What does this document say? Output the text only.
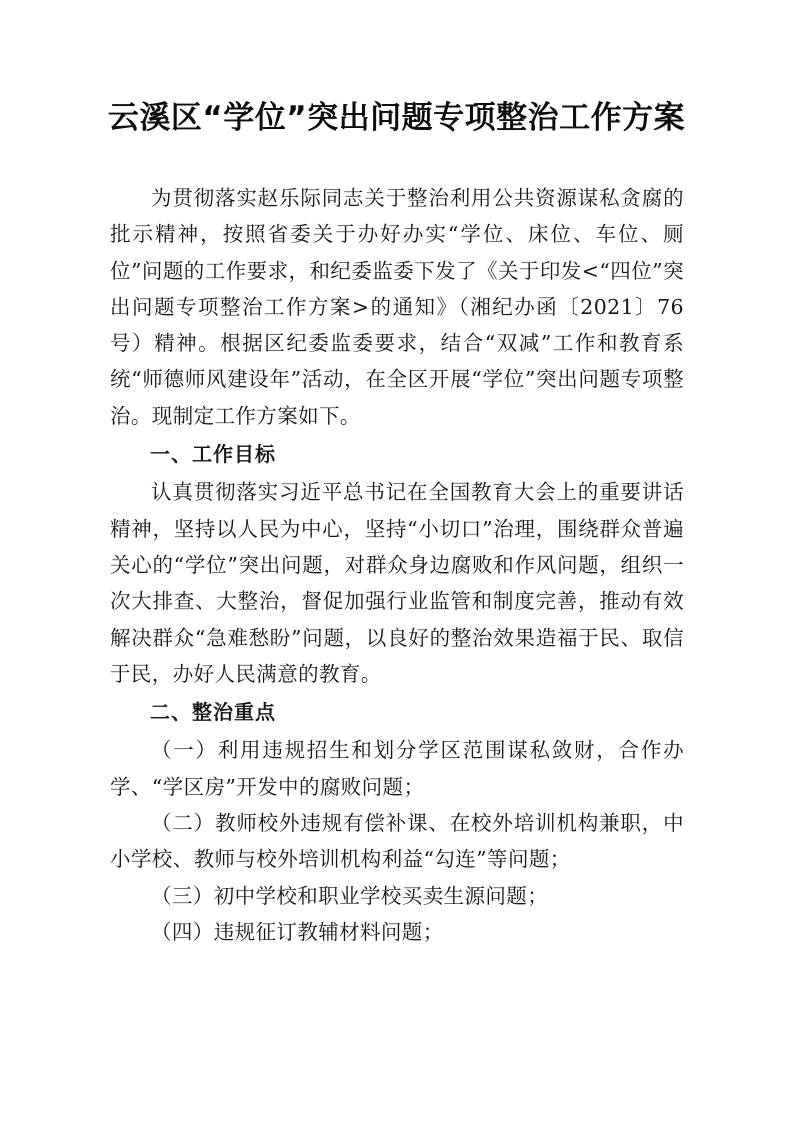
云溪区“学位”突出问题专项整治工作方案

为贯彻落实赵乐际同志关于整治利用公共资源谋私贪腐的批示精神，按照省委关于办好办实“学位、床位、车位、厕位”问题的工作要求，和纪委监委下发了《关于印发<“四位”突出问题专项整治工作方案>的通知》（湘纪办函〔2021〕76号）精神。根据区纪委监委要求，结合“双减”工作和教育系统“师德师风建设年”活动，在全区开展“学位”突出问题专项整治。现制定工作方案如下。

一、工作目标

认真贯彻落实习近平总书记在全国教育大会上的重要讲话精神，坚持以人民为中心，坚持“小切口”治理，围绕群众普遍关心的“学位”突出问题，对群众身边腐败和作风问题，组织一次大排查、大整治，督促加强行业监管和制度完善，推动有效解决群众“急难愁盼”问题，以良好的整治效果造福于民、取信于民，办好人民满意的教育。

二、整治重点

（一）利用违规招生和划分学区范围谋私敛财，合作办学、“学区房”开发中的腐败问题；

（二）教师校外违规有偿补课、在校外培训机构兼职，中小学校、教师与校外培训机构利益“勾连”等问题；

（三）初中学校和职业学校买卖生源问题；

（四）违规征订教辅材料问题；
